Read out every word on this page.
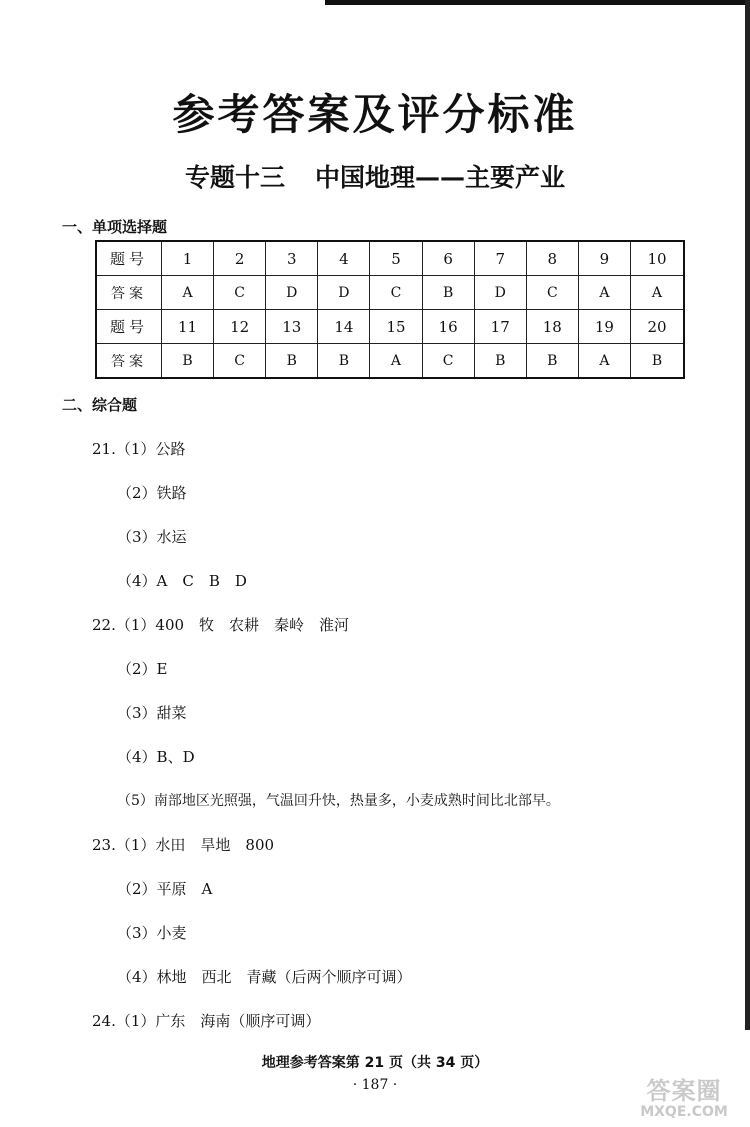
参考答案及评分标准
专题十三 中国地理——主要产业
一、单项选择题
题号	1	2	3	4	5	6	7	8	9	10
答案	A	C	D	D	C	B	D	C	A	A
题号	11	12	13	14	15	16	17	18	19	20
答案	B	C	B	B	A	C	B	B	A	B
二、综合题
21.（1）公路
（2）铁路
（3）水运
（4）A　C　B　D
22.（1）400　牧　农耕　秦岭　淮河
（2）E
（3）甜菜
（4）B、D
（5）南部地区光照强，气温回升快，热量多，小麦成熟时间比北部早。
23.（1）水田　旱地　800
（2）平原　A
（3）小麦
（4）林地　西北　青藏（后两个顺序可调）
24.（1）广东　海南（顺序可调）
地理参考答案第 21 页（共 34 页）
· 187 ·	答案圈
MXQE.COM
